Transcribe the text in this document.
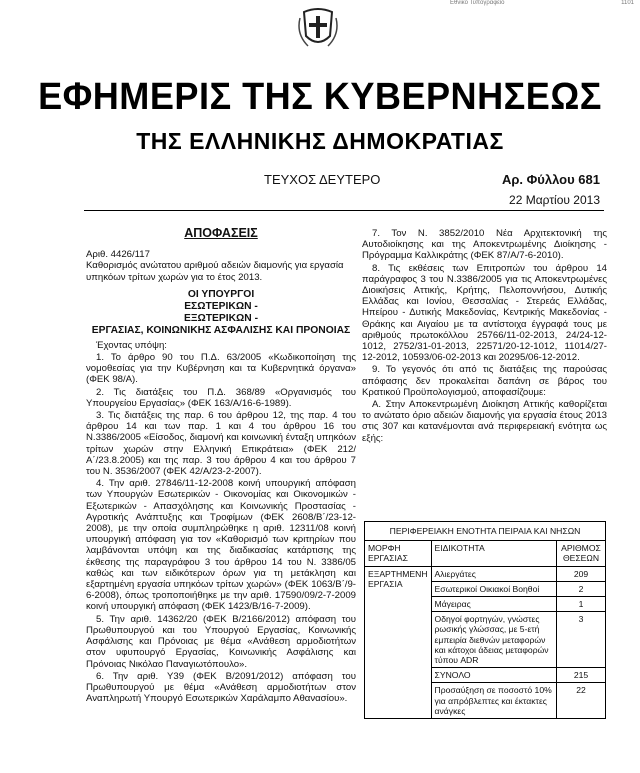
Εθνικό Τυπογραφείο	1101
ΕΦΗΜΕΡΙΣ ΤΗΣ ΚΥΒΕΡΝΗΣΕΩΣ
ΤΗΣ ΕΛΛΗΝΙΚΗΣ ΔΗΜΟΚΡΑΤΙΑΣ
ΤΕΥΧΟΣ ΔΕΥΤΕΡΟ	Αρ. Φύλλου 681
22 Μαρτίου 2013
ΑΠΟΦΑΣΕΙΣ
Αριθ. 4426/117
Καθορισμός ανώτατου αριθμού αδειών διαμονής για εργασία υπηκόων τρίτων χωρών για το έτος 2013.
ΟΙ ΥΠΟΥΡΓΟΙ
ΕΣΩΤΕΡΙΚΩΝ -
ΕΞΩΤΕΡΙΚΩΝ -
ΕΡΓΑΣΙΑΣ, ΚΟΙΝΩΝΙΚΗΣ ΑΣΦΑΛΙΣΗΣ ΚΑΙ ΠΡΟΝΟΙΑΣ

Έχοντας υπόψη:

1. Το άρθρο 90 του Π.Δ. 63/2005 «Κωδικοποίηση της νομοθεσίας για την Κυβέρνηση και τα Κυβερνητικά όργανα» (ΦΕΚ 98/Α).

2. Τις διατάξεις του Π.Δ. 368/89 «Οργανισμός του Υπουργείου Εργασίας» (ΦΕΚ 163/Α/16-6-1989).

3. Τις διατάξεις της παρ. 6 του άρθρου 12, της παρ. 4 του άρθρου 14 και των παρ. 1 και 4 του άρθρου 16 του Ν.3386/2005 «Είσοδος, διαμονή και κοινωνική ένταξη υπηκόων τρίτων χωρών στην Ελληνική Επικράτεια» (ΦΕΚ 212/Α΄/23.8.2005) και της παρ. 3 του άρθρου 4 και του άρθρου 7 του Ν. 3536/2007 (ΦΕΚ 42/Α/23-2-2007).

4. Την αριθ. 27846/11-12-2008 κοινή υπουργική απόφαση των Υπουργών Εσωτερικών - Οικονομίας και Οικονομικών - Εξωτερικών - Απασχόλησης και Κοινωνικής Προστασίας - Αγροτικής Ανάπτυξης και Τροφίμων (ΦΕΚ 2608/Β΄/23-12-2008), με την οποία συμπληρώθηκε η αριθ. 12311/08 κοινή υπουργική απόφαση για τον «Καθορισμό των κριτηρίων που λαμβάνονται υπόψη και της διαδικασίας κατάρτισης της έκθεσης της παραγράφου 3 του άρθρου 14 του Ν. 3386/05 καθώς και των ειδικότερων όρων για τη μετάκληση και εξαρτημένη εργασία υπηκόων τρίτων χωρών» (ΦΕΚ 1063/Β΄/9-6-2008), όπως τροποποιήθηκε με την αριθ. 17590/09/2-7-2009 κοινή υπουργική απόφαση (ΦΕΚ 1423/Β/16-7-2009).

5. Την αριθ. 14362/20 (ΦΕΚ Β/2166/2012) απόφαση του Πρωθυπουργού και του Υπουργού Εργασίας, Κοινωνικής Ασφάλισης και Πρόνοιας με θέμα «Ανάθεση αρμοδιοτήτων στον υφυπουργό Εργασίας, Κοινωνικής Ασφάλισης και Πρόνοιας Νικόλαο Παναγιωτόπουλο».

6. Την αριθ. Υ39 (ΦΕΚ Β/2091/2012) απόφαση του Πρωθυπουργού με θέμα «Ανάθεση αρμοδιοτήτων στον Αναπληρωτή Υπουργό Εσωτερικών Χαράλαμπο Αθανασίου».

7. Τον Ν. 3852/2010 Νέα Αρχιτεκτονική της Αυτοδιοίκησης και της Αποκεντρωμένης Διοίκησης - Πρόγραμμα Καλλικράτης (ΦΕΚ 87/Α/7-6-2010).

8. Τις εκθέσεις των Επιτροπών του άρθρου 14 παράγραφος 3 του Ν.3386/2005 για τις Αποκεντρωμένες Διοικήσεις Αττικής, Κρήτης, Πελοποννήσου, Δυτικής Ελλάδας και Ιονίου, Θεσσαλίας - Στερεάς Ελλάδας, Ηπείρου - Δυτικής Μακεδονίας, Κεντρικής Μακεδονίας - Θράκης και Αιγαίου με τα αντίστοιχα έγγραφά τους με αριθμούς πρωτοκόλλου 25766/11-02-2013, 24/24-12-1012, 2752/31-01-2013, 22571/20-12-1012, 11014/27-12-2012, 10593/06-02-2013 και 20295/06-12-2012.

9. Το γεγονός ότι από τις διατάξεις της παρούσας απόφασης δεν προκαλείται δαπάνη σε βάρος του Κρατικού Προϋπολογισμού, αποφασίζουμε:

Α. Στην Αποκεντρωμένη Διοίκηση Αττικής καθορίζεται το ανώτατο όριο αδειών διαμονής για εργασία έτους 2013 στις 307 και κατανέμονται ανά περιφερειακή ενότητα ως εξής:

ΠΕΡΙΦΕΡΕΙΑΚΗ ΕΝΟΤΗΤΑ ΠΕΙΡΑΙΑ ΚΑΙ ΝΗΣΩΝ		
ΜΟΡΦΗ ΕΡΓΑΣΙΑΣ	ΕΙΔΙΚΟΤΗΤΑ	ΑΡΙΘΜΟΣ ΘΕΣΕΩΝ
ΕΞΑΡΤΗΜΕΝΗ ΕΡΓΑΣΙΑ	Αλιεργάτες	209
	Εσωτερικοί Οικιακοί Βοηθοί	2
	Μάγειρας	1
	Οδηγοί φορτηγών, γνώστες ρωσικής γλώσσας, με 5-ετή εμπειρία διεθνών μεταφορών και κάτοχοι άδειας μεταφορών τύπου ADR	3
	ΣΥΝΟΛΟ	215
	Προσαύξηση σε ποσοστό 10% για απρόβλεπτες και έκτακτες ανάγκες	22
